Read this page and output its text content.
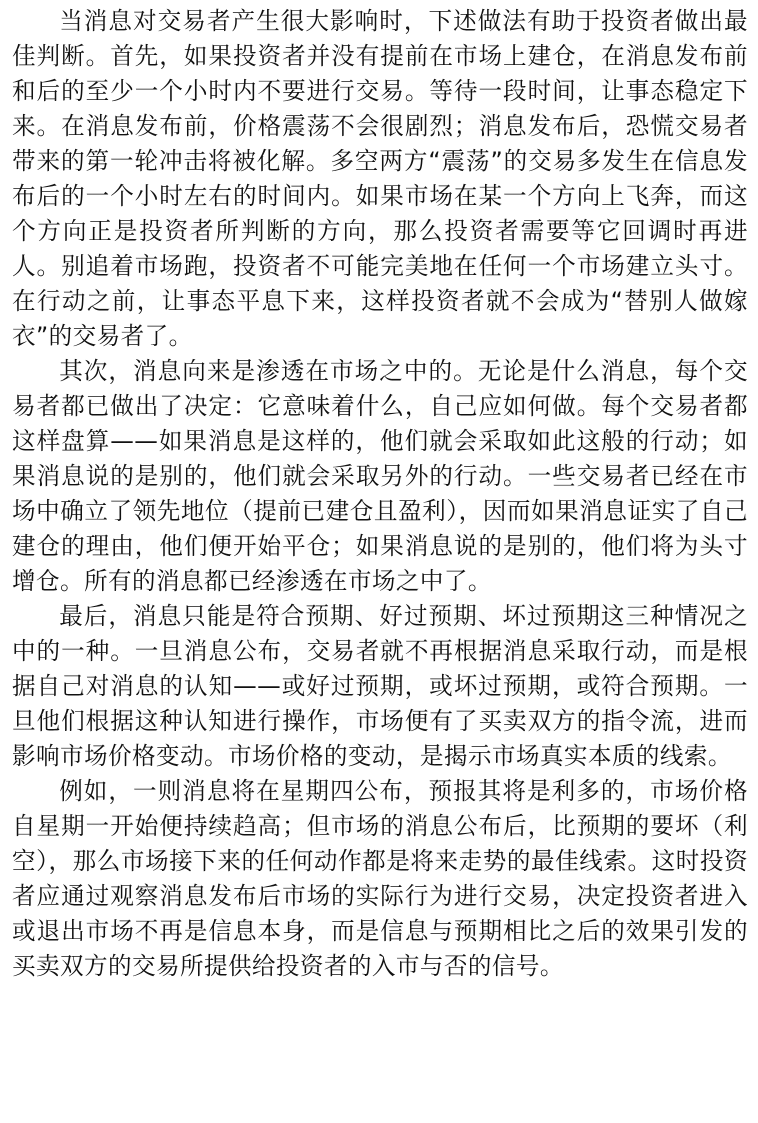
当消息对交易者产生很大影响时，下述做法有助于投资者做出最佳判断。首先，如果投资者并没有提前在市场上建仓，在消息发布前和后的至少一个小时内不要进行交易。等待一段时间，让事态稳定下来。在消息发布前，价格震荡不会很剧烈；消息发布后，恐慌交易者带来的第一轮冲击将被化解。多空两方“震荡”的交易多发生在信息发布后的一个小时左右的时间内。如果市场在某一个方向上飞奔，而这个方向正是投资者所判断的方向，那么投资者需要等它回调时再进人。别追着市场跑，投资者不可能完美地在任何一个市场建立头寸。在行动之前，让事态平息下来，这样投资者就不会成为“替别人做嫁衣”的交易者了。

其次，消息向来是渗透在市场之中的。无论是什么消息，每个交易者都已做出了决定：它意味着什么，自己应如何做。每个交易者都这样盘算——如果消息是这样的，他们就会采取如此这般的行动；如果消息说的是别的，他们就会采取另外的行动。一些交易者已经在市场中确立了领先地位（提前已建仓且盈利），因而如果消息证实了自己建仓的理由，他们便开始平仓；如果消息说的是别的，他们将为头寸增仓。所有的消息都已经渗透在市场之中了。

最后，消息只能是符合预期、好过预期、坏过预期这三种情况之中的一种。一旦消息公布，交易者就不再根据消息采取行动，而是根据自己对消息的认知——或好过预期，或坏过预期，或符合预期。一旦他们根据这种认知进行操作，市场便有了买卖双方的指令流，进而影响市场价格变动。市场价格的变动，是揭示市场真实本质的线索。

例如，一则消息将在星期四公布，预报其将是利多的，市场价格自星期一开始便持续趋高；但市场的消息公布后，比预期的要坏（利空），那么市场接下来的任何动作都是将来走势的最佳线索。这时投资者应通过观察消息发布后市场的实际行为进行交易，决定投资者进入或退出市场不再是信息本身，而是信息与预期相比之后的效果引发的买卖双方的交易所提供给投资者的入市与否的信号。
